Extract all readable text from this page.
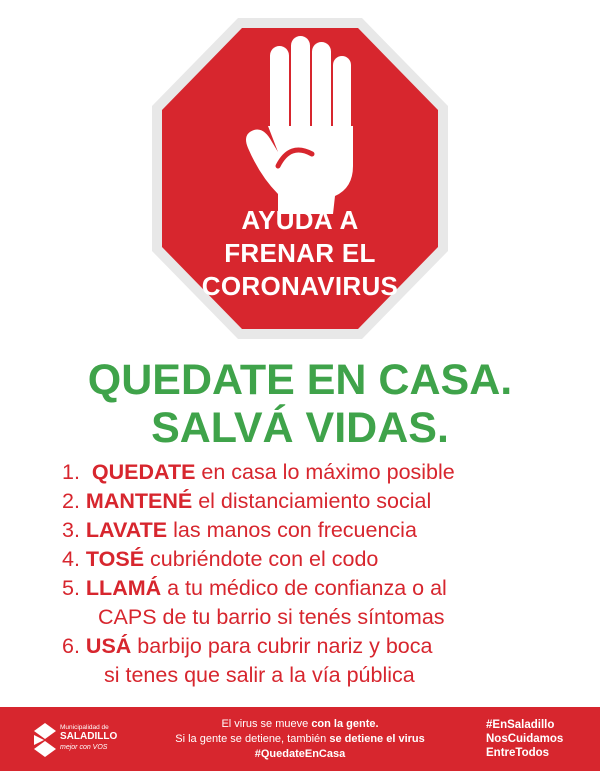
AYUDÁ A
FRENAR EL
CORONAVIRUS
QUEDATE EN CASA.
SALVÁ VIDAS.
1. QUEDATE en casa lo máximo posible
2. MANTENÉ el distanciamiento social
3. LAVATE las manos con frecuencia
4. TOSÉ cubriéndote con el codo
5. LLAMÁ a tu médico de confianza o al
CAPS de tu barrio si tenés síntomas
6. USÁ barbijo para cubrir nariz y boca
si tenes que salir a la vía pública
Municipalidad de
SALADILLO
mejor con VOS
El virus se mueve con la gente.
Si la gente se detiene, también se detiene el virus
#QuedateEnCasa
#EnSaladillo
NosCuidamos
EntreTodos
